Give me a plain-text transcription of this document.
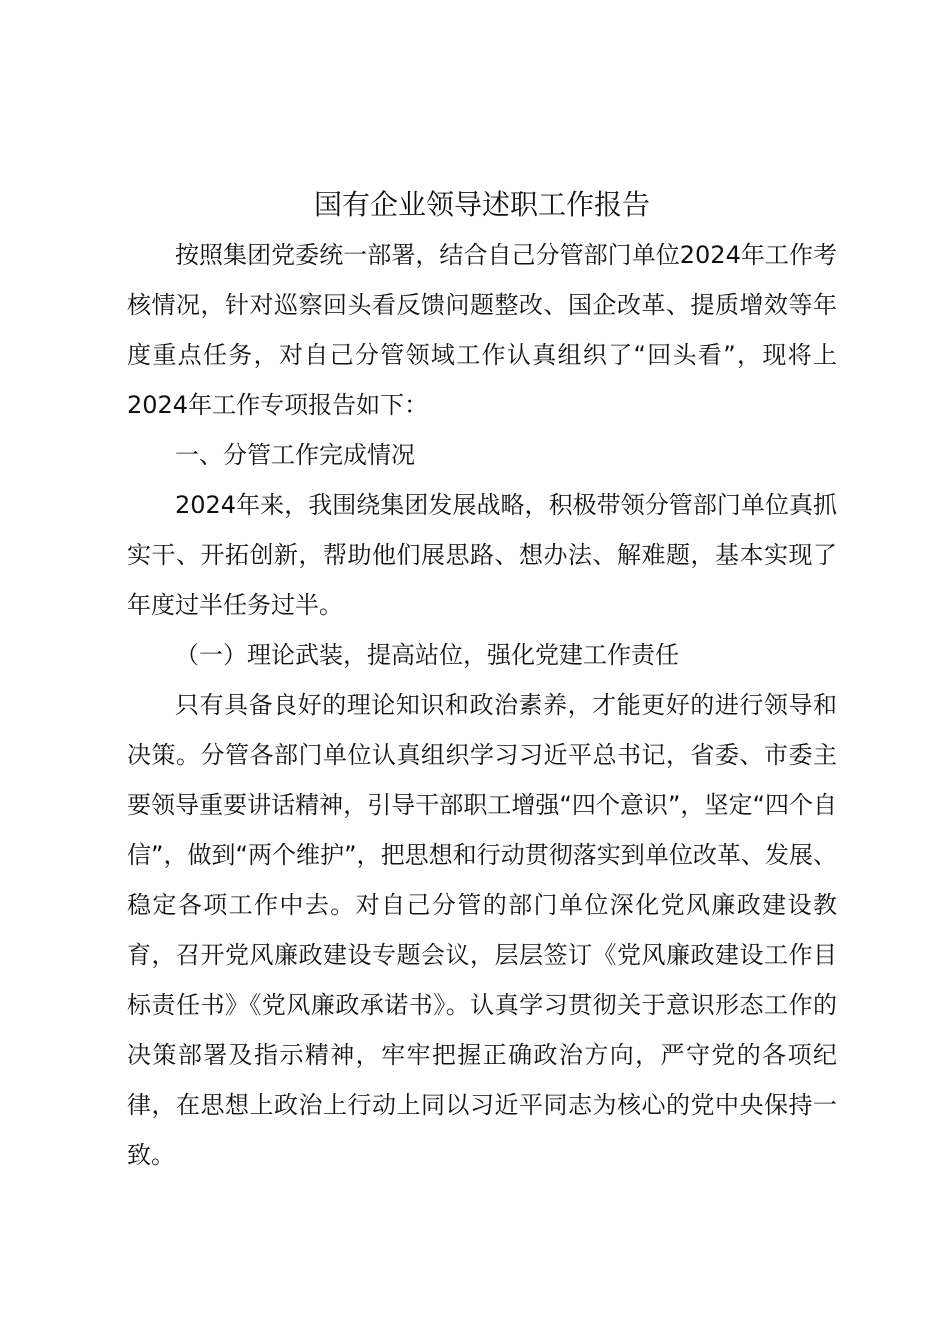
国有企业领导述职工作报告

按照集团党委统一部署，结合自己分管部门单位2024年工作考核情况，针对巡察回头看反馈问题整改、国企改革、提质增效等年度重点任务，对自己分管领域工作认真组织了“回头看”，现将上2024年工作专项报告如下：

一、分管工作完成情况

2024年来，我围绕集团发展战略，积极带领分管部门单位真抓实干、开拓创新，帮助他们展思路、想办法、解难题，基本实现了年度过半任务过半。

（一）理论武装，提高站位，强化党建工作责任

只有具备良好的理论知识和政治素养，才能更好的进行领导和决策。分管各部门单位认真组织学习习近平总书记，省委、市委主要领导重要讲话精神，引导干部职工增强“四个意识”，坚定“四个自信”，做到“两个维护”，把思想和行动贯彻落实到单位改革、发展、稳定各项工作中去。对自己分管的部门单位深化党风廉政建设教育，召开党风廉政建设专题会议，层层签订《党风廉政建设工作目标责任书》《党风廉政承诺书》。认真学习贯彻关于意识形态工作的决策部署及指示精神，牢牢把握正确政治方向，严守党的各项纪律，在思想上政治上行动上同以习近平同志为核心的党中央保持一致。
